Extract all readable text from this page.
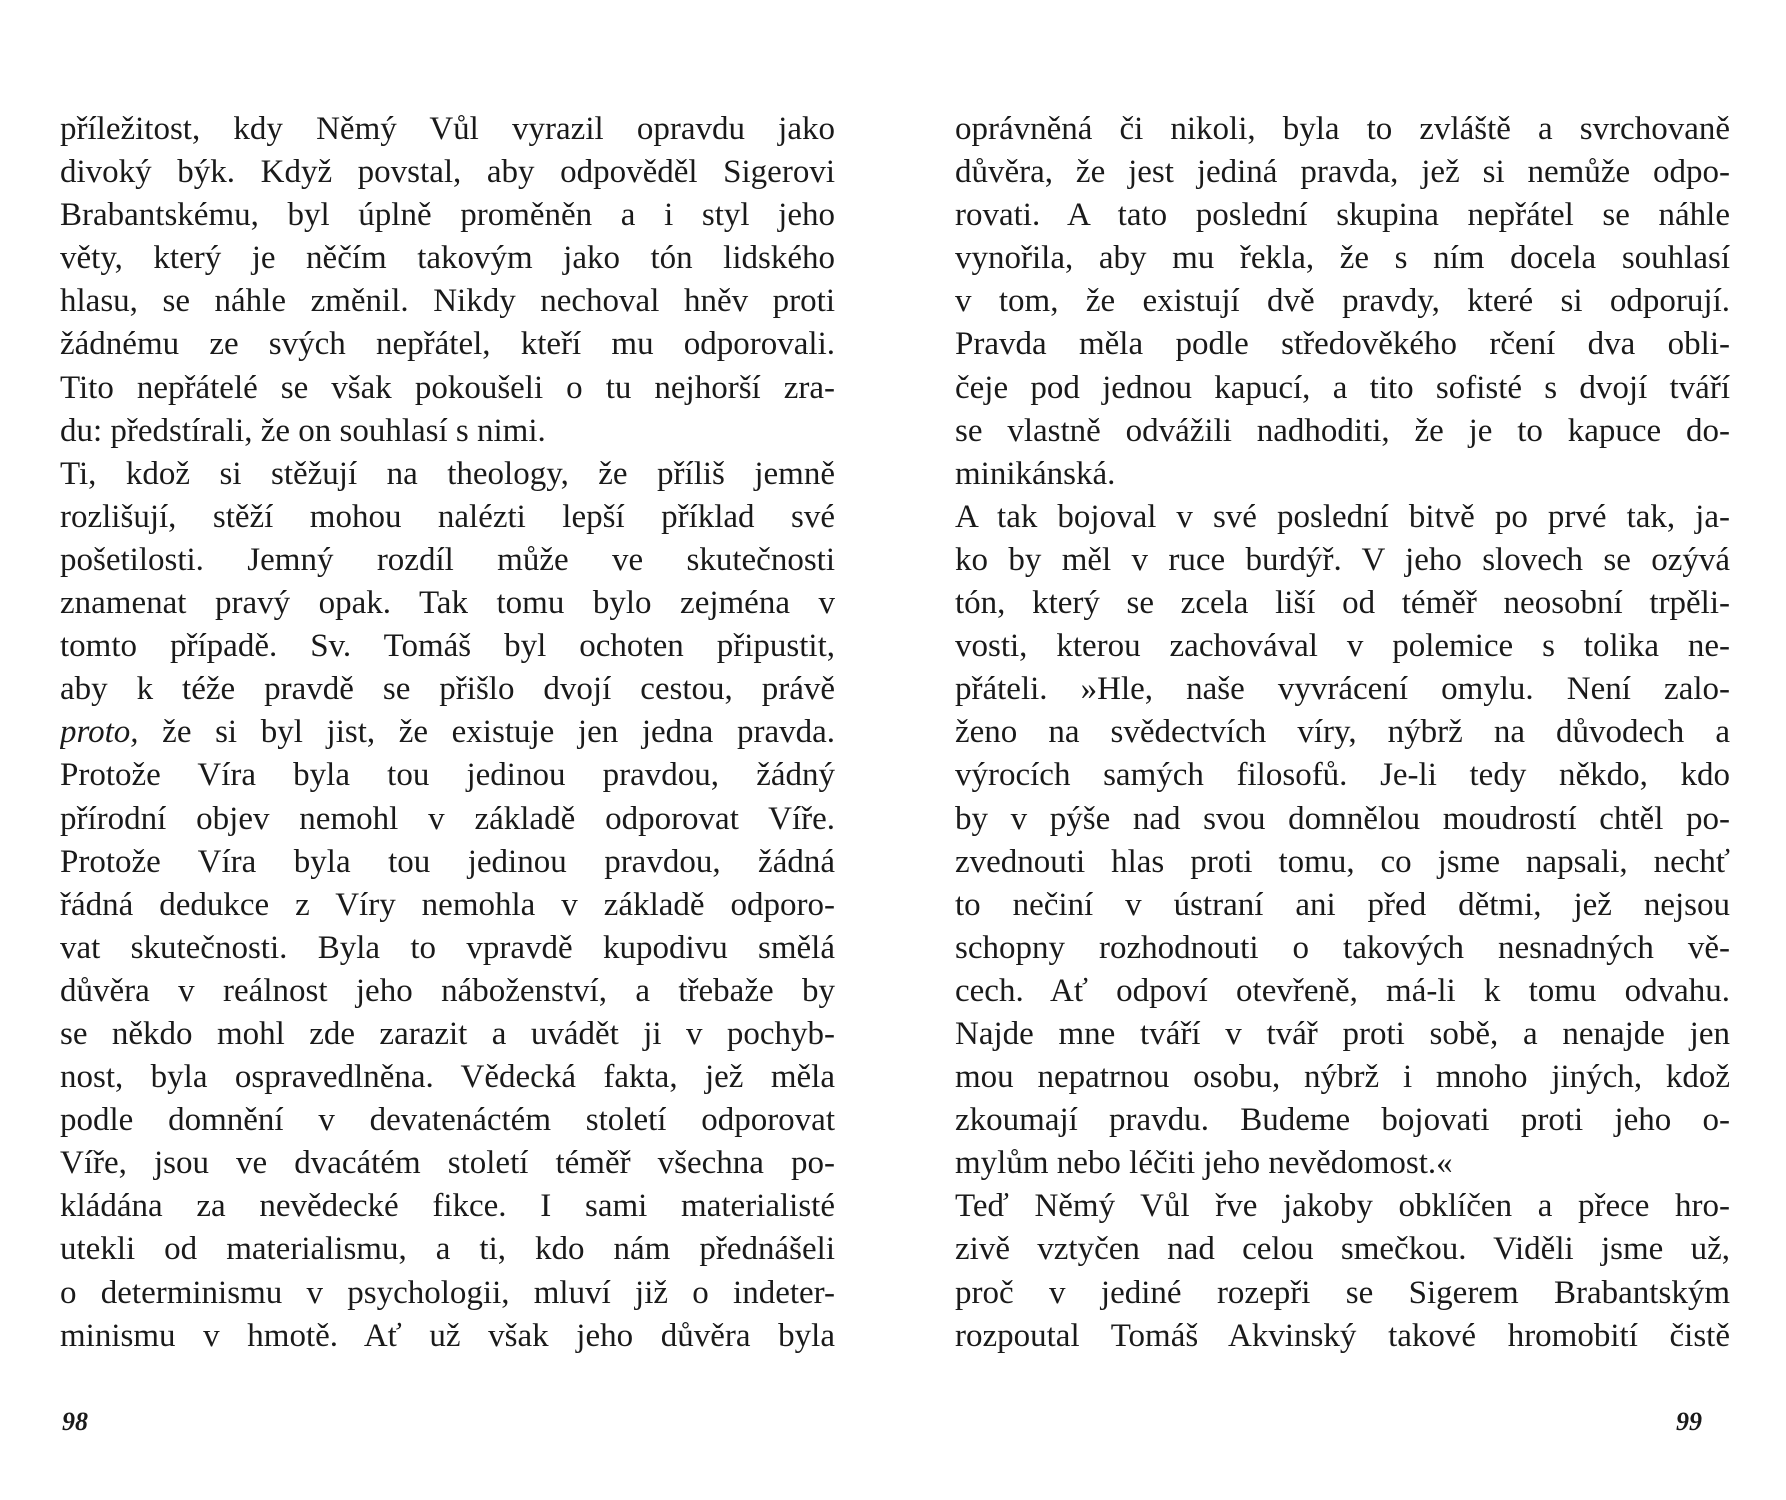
příležitost, kdy Němý Vůl vyrazil opravdu jako
divoký býk. Když povstal, aby odpověděl Sigerovi
Brabantskému, byl úplně proměněn a i styl jeho
věty, který je něčím takovým jako tón lidského
hlasu, se náhle změnil. Nikdy nechoval hněv proti
žádnému ze svých nepřátel, kteří mu odporovali.
Tito nepřátelé se však pokoušeli o tu nejhorší zra-
du: předstírali, že on souhlasí s nimi.
Ti, kdož si stěžují na theology, že příliš jemně
rozlišují, stěží mohou nalézti lepší příklad své
pošetilosti. Jemný rozdíl může ve skutečnosti
znamenat pravý opak. Tak tomu bylo zejména v
tomto případě. Sv. Tomáš byl ochoten připustit,
aby k téže pravdě se přišlo dvojí cestou, právě
proto, že si byl jist, že existuje jen jedna pravda.
Protože Víra byla tou jedinou pravdou, žádný
přírodní objev nemohl v základě odporovat Víře.
Protože Víra byla tou jedinou pravdou, žádná
řádná dedukce z Víry nemohla v základě odporo-
vat skutečnosti. Byla to vpravdě kupodivu smělá
důvěra v reálnost jeho náboženství, a třebaže by
se někdo mohl zde zarazit a uvádět ji v pochyb-
nost, byla ospravedlněna. Vědecká fakta, jež měla
podle domnění v devatenáctém století odporovat
Víře, jsou ve dvacátém století téměř všechna po-
kládána za nevědecké fikce. I sami materialisté
utekli od materialismu, a ti, kdo nám přednášeli
o determinismu v psychologii, mluví již o indeter-
minismu v hmotě. Ať už však jeho důvěra byla
oprávněná či nikoli, byla to zvláště a svrchovaně
důvěra, že jest jediná pravda, jež si nemůže odpo-
rovati. A tato poslední skupina nepřátel se náhle
vynořila, aby mu řekla, že s ním docela souhlasí
v tom, že existují dvě pravdy, které si odporují.
Pravda měla podle středověkého rčení dva obli-
čeje pod jednou kapucí, a tito sofisté s dvojí tváří
se vlastně odvážili nadhoditi, že je to kapuce do-
minikánská.
A tak bojoval v své poslední bitvě po prvé tak, ja-
ko by měl v ruce burdýř. V jeho slovech se ozývá
tón, který se zcela liší od téměř neosobní trpěli-
vosti, kterou zachovával v polemice s tolika ne-
přáteli. »Hle, naše vyvrácení omylu. Není zalo-
ženo na svědectvích víry, nýbrž na důvodech a
výrocích samých filosofů. Je-li tedy někdo, kdo
by v pýše nad svou domnělou moudrostí chtěl po-
zvednouti hlas proti tomu, co jsme napsali, nechť
to nečiní v ústraní ani před dětmi, jež nejsou
schopny rozhodnouti o takových nesnadných vě-
cech. Ať odpoví otevřeně, má-li k tomu odvahu.
Najde mne tváří v tvář proti sobě, a nenajde jen
mou nepatrnou osobu, nýbrž i mnoho jiných, kdož
zkoumají pravdu. Budeme bojovati proti jeho o-
mylům nebo léčiti jeho nevědomost.«
Teď Němý Vůl řve jakoby obklíčen a přece hro-
zivě vztyčen nad celou smečkou. Viděli jsme už,
proč v jediné rozepři se Sigerem Brabantským
rozpoutal Tomáš Akvinský takové hromobití čistě
98	99
